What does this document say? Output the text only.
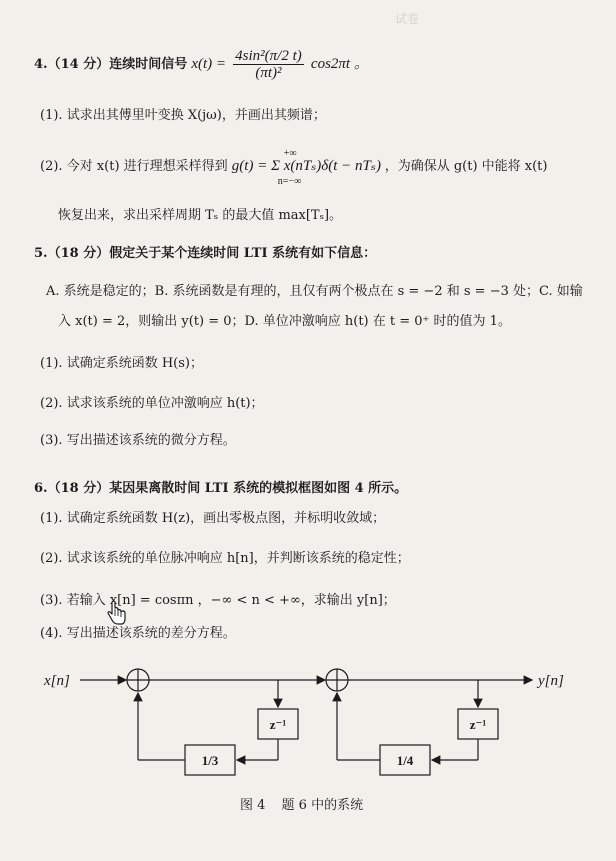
试卷
4.（14 分）连续时间信号 $x(t) = \frac{\text{4sin²(π/2 t)}}{\text{(πt)²}} \cos 2\pi t$ 。
(1). 试求出其傅里叶变换 X(jω)，并画出其频谱；
(2). 今对 x(t) 进行理想采样得到 g(t) = Σ x(nTₛ)δ(t − nTₛ)
+∞
n=−∞
，为确保从 g(t) 中能将 x(t)
恢复出来，求出采样周期 Tₛ 的最大值 max[Tₛ]。
5.（18 分）假定关于某个连续时间 LTI 系统有如下信息：
A. 系统是稳定的；B. 系统函数是有理的，且仅有两个极点在 s = −2 和 s = −3 处；C. 如输
入 x(t) = 2，则输出 y(t) = 0；D. 单位冲激响应 h(t) 在 t = 0⁺ 时的值为 1。
(1). 试确定系统函数 H(s)；
(2). 试求该系统的单位冲激响应 h(t)；
(3). 写出描述该系统的微分方程。
6.（18 分）某因果离散时间 LTI 系统的模拟框图如图 4 所示。
(1). 试确定系统函数 H(z)，画出零极点图，并标明收敛域；
(2). 试求该系统的单位脉冲响应 h[n]，并判断该系统的稳定性；
(3). 若输入 x[n] = cosπn ，−∞ < n < +∞，求输出 y[n]；
(4). 写出描述该系统的差分方程。
x[n]	y[n]
z⁻¹	z⁻¹
1/3	1/4
图 4 题 6 中的系统
